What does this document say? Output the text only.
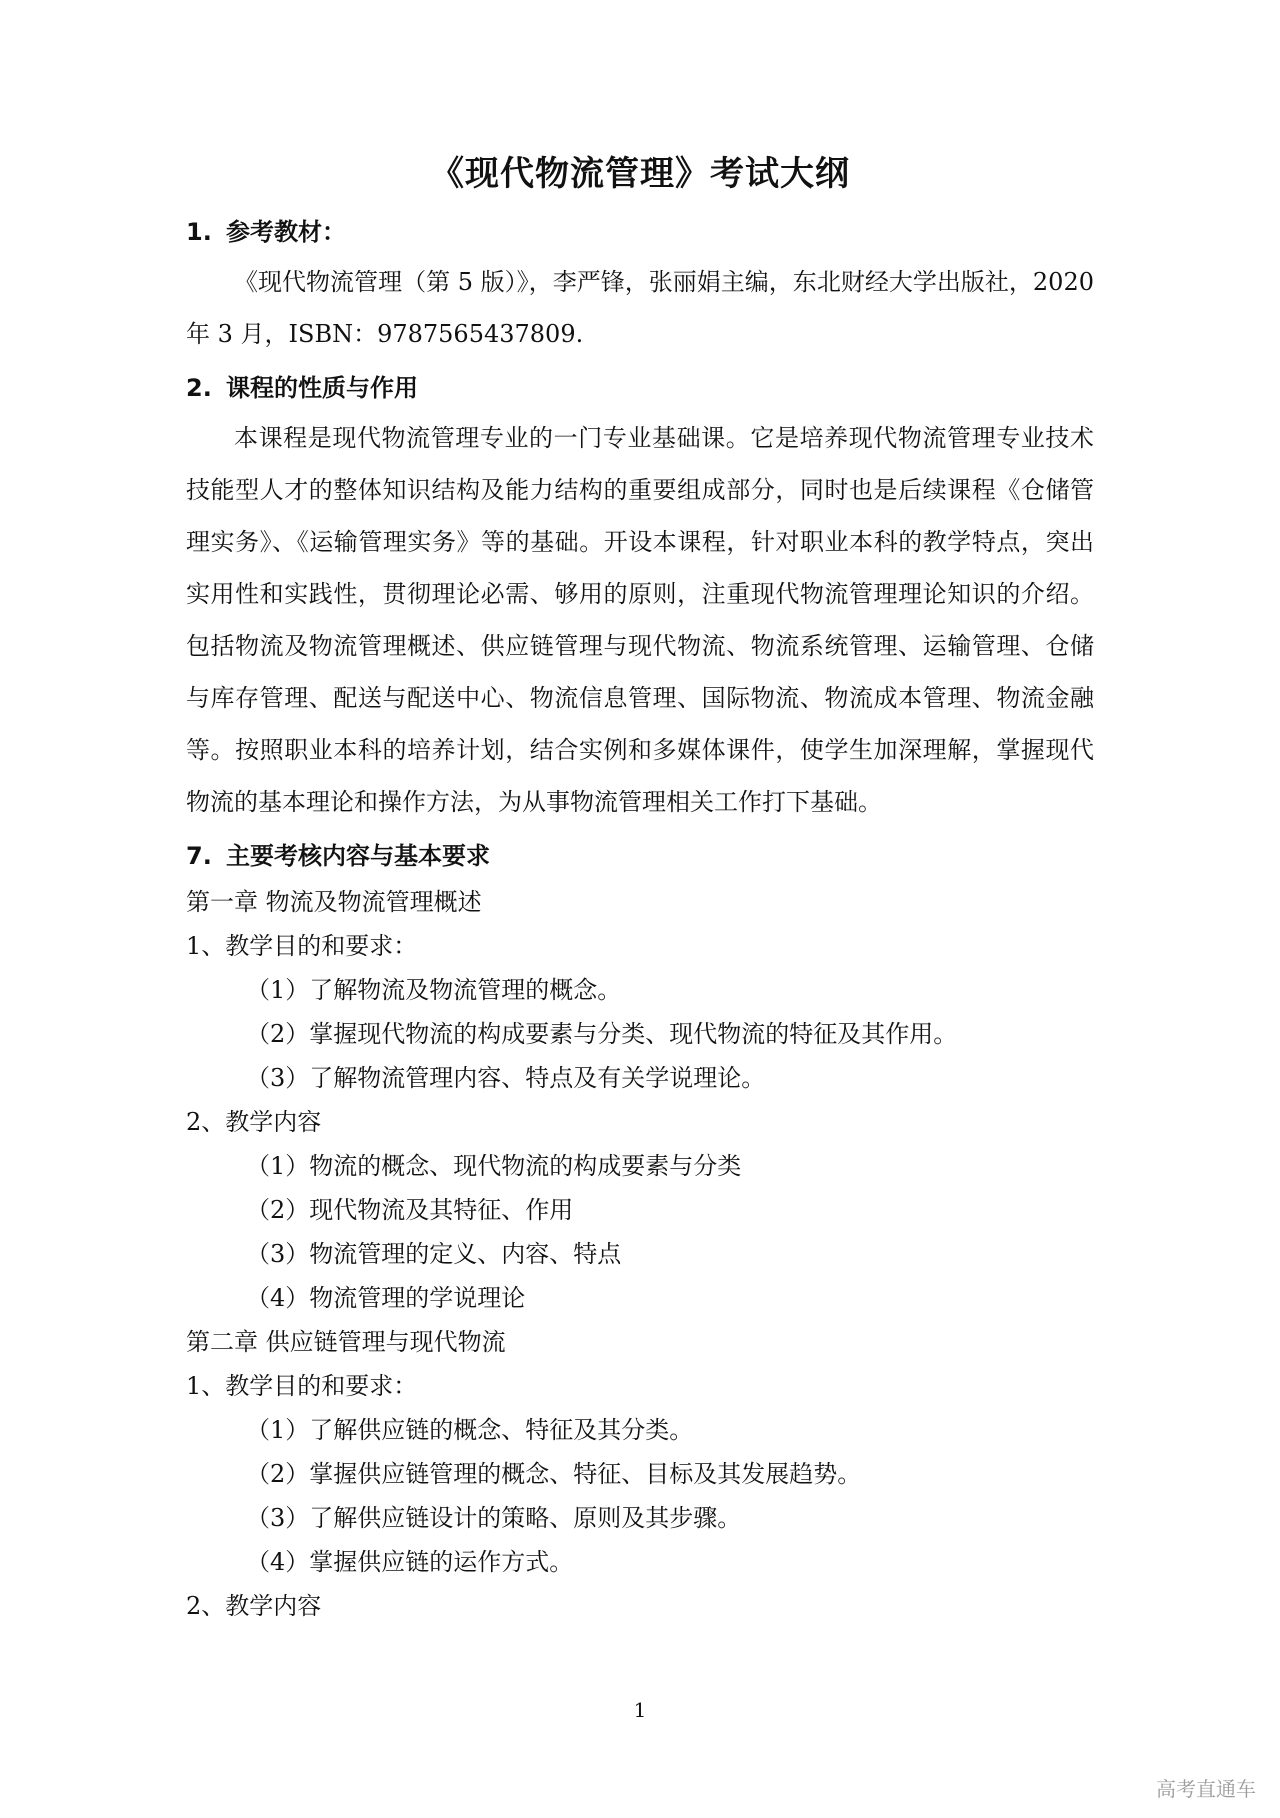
《现代物流管理》考试大纲

1. 参考教材：

《现代物流管理（第 5 版）》，李严锋，张丽娟主编，东北财经大学出版社，2020 年 3 月，ISBN：9787565437809.

2. 课程的性质与作用

本课程是现代物流管理专业的一门专业基础课。它是培养现代物流管理专业技术技能型人才的整体知识结构及能力结构的重要组成部分，同时也是后续课程《仓储管理实务》、《运输管理实务》等的基础。开设本课程，针对职业本科的教学特点，突出实用性和实践性，贯彻理论必需、够用的原则，注重现代物流管理理论知识的介绍。包括物流及物流管理概述、供应链管理与现代物流、物流系统管理、运输管理、仓储与库存管理、配送与配送中心、物流信息管理、国际物流、物流成本管理、物流金融等。按照职业本科的培养计划，结合实例和多媒体课件，使学生加深理解，掌握现代物流的基本理论和操作方法，为从事物流管理相关工作打下基础。

7. 主要考核内容与基本要求

第一章 物流及物流管理概述

1、教学目的和要求：

（1）了解物流及物流管理的概念。

（2）掌握现代物流的构成要素与分类、现代物流的特征及其作用。

（3）了解物流管理内容、特点及有关学说理论。

2、教学内容

（1）物流的概念、现代物流的构成要素与分类

（2）现代物流及其特征、作用

（3）物流管理的定义、内容、特点

（4）物流管理的学说理论

第二章 供应链管理与现代物流

1、教学目的和要求：

（1）了解供应链的概念、特征及其分类。

（2）掌握供应链管理的概念、特征、目标及其发展趋势。

（3）了解供应链设计的策略、原则及其步骤。

（4）掌握供应链的运作方式。

2、教学内容

1
高考直通车
